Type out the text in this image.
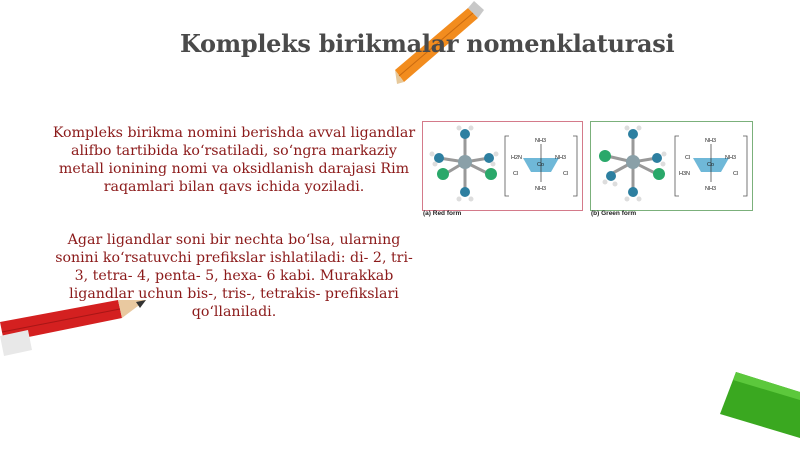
Kompleks birikmalar nomenklaturasi
Kompleks birikma nomini berishda avval ligandlar alifbo tartibida ko‘rsatiladi, so‘ngra markaziy metall ionining nomi va oksidlanish darajasi Rim raqamlari bilan qavs ichida yoziladi.
Agar ligandlar soni bir nechta bo‘lsa, ularning sonini ko‘rsatuvchi prefikslar ishlatiladi: di- 2, tri- 3, tetra- 4, penta- 5, hexa- 6 kabi. Murakkab ligandlar uchun bis-, tris-, tetrakis- prefikslari qo‘llaniladi.
NH3
H2N	NH3
Cl	Cl
Co
NH3
(a) Red form
NH3
Cl	NH3
H3N	Cl
Co
NH3
(b) Green form
